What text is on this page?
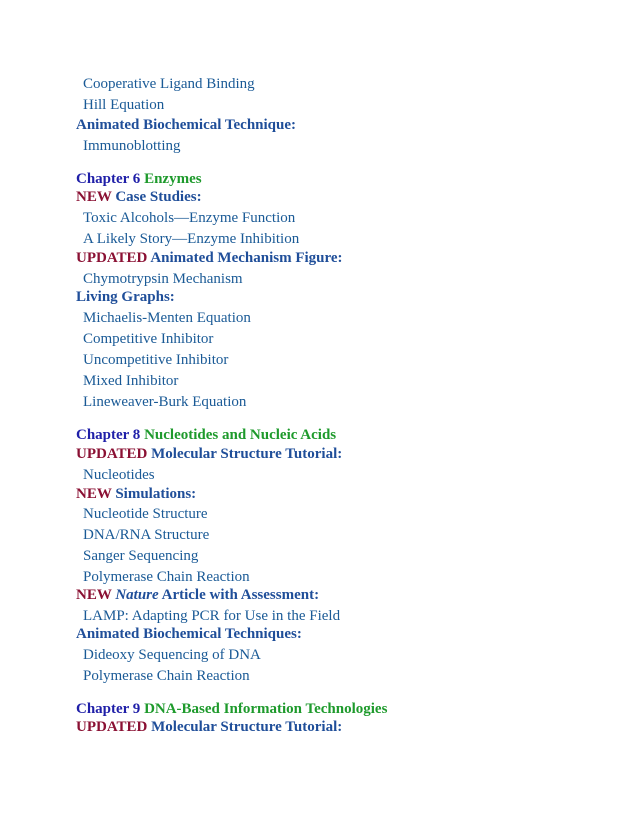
Cooperative Ligand Binding
Hill Equation
Animated Biochemical Technique:
Immunoblotting
Chapter 6 Enzymes
NEW Case Studies:
Toxic Alcohols—Enzyme Function
A Likely Story—Enzyme Inhibition
UPDATED Animated Mechanism Figure:
Chymotrypsin Mechanism
Living Graphs:
Michaelis-Menten Equation
Competitive Inhibitor
Uncompetitive Inhibitor
Mixed Inhibitor
Lineweaver-Burk Equation
Chapter 8 Nucleotides and Nucleic Acids
UPDATED Molecular Structure Tutorial:
Nucleotides
NEW Simulations:
Nucleotide Structure
DNA/RNA Structure
Sanger Sequencing
Polymerase Chain Reaction
NEW Nature Article with Assessment:
LAMP: Adapting PCR for Use in the Field
Animated Biochemical Techniques:
Dideoxy Sequencing of DNA
Polymerase Chain Reaction
Chapter 9 DNA-Based Information Technologies
UPDATED Molecular Structure Tutorial:
